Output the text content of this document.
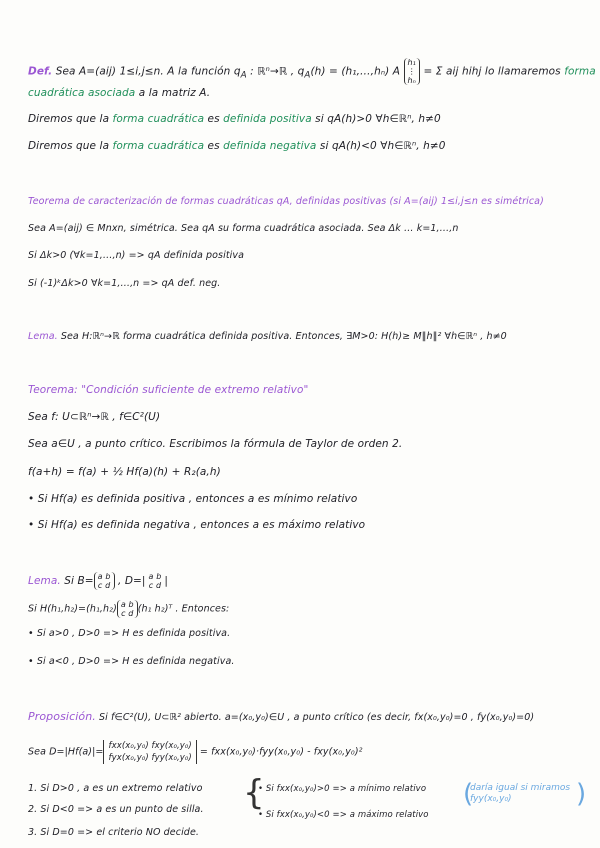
Def. Sea A=(aij) 1≤i,j≤n. A la función $q_A$ : ℝⁿ→ℝ , $q_A(h)$ = (h₁,…,hₙ) A h₁
⋮
hₙ = Σ aij hihj lo llamaremos forma
cuadrática asociada a la matriz A.
Diremos que la forma cuadrática es definida positiva si qA(h)>0 ∀h∈ℝⁿ, h≠0
Diremos que la forma cuadrática es definida negativa si qA(h)<0 ∀h∈ℝⁿ, h≠0
Teorema de caracterización de formas cuadráticas qA, definidas positivas (si A=(aij) 1≤i,j≤n es simétrica)
Sea A=(aij) ∈ Mnxn, simétrica. Sea qA su forma cuadrática asociada. Sea Δk … k=1,…,n
Si Δk>0 (∀k=1,…,n) => qA definida positiva
Si (-1)ᵏΔk>0 ∀k=1,…,n => qA def. neg.
Lema. Sea H:ℝⁿ→ℝ forma cuadrática definida positiva. Entonces, ∃M>0: H(h)≥ M‖h‖² ∀h∈ℝⁿ , h≠0
Teorema: "Condición suficiente de extremo relativo"
Sea f: U⊂ℝⁿ→ℝ , f∈C²(U)
Sea a∈U , a punto crítico. Escribimos la fórmula de Taylor de orden 2.
f(a+h) = f(a) + ½ Hf(a)(h) + R₂(a,h)
• Si Hf(a) es definida positiva , entonces a es mínimo relativo
• Si Hf(a) es definida negativa , entonces a es máximo relativo
Lema. Si B= a b
c d , D=| a b
c d |
Si H(h₁,h₂)=(h₁,h₂) a b
c d (h₁ h₂)ᵀ . Entonces:
• Si a>0 , D>0 => H es definida positiva.
• Si a<0 , D>0 => H es definida negativa.
Proposición. Si f∈C²(U), U⊂ℝ² abierto. a=(x₀,y₀)∈U , a punto crítico (es decir, fx(x₀,y₀)=0 , fy(x₀,y₀)=0)
Sea D=|Hf(a)|=fxx(x₀,y₀) fxy(x₀,y₀)
fyx(x₀,y₀) fyy(x₀,y₀) = fxx(x₀,y₀)·fyy(x₀,y₀) - fxy(x₀,y₀)²
1. Si D>0 , a es un extremo relativo	{
• Si fxx(x₀,y₀)>0 => a mínimo relativo
• Si fxx(x₀,y₀)<0 => a máximo relativo
2. Si D<0 => a es un punto de silla.
3. Si D=0 => el criterio NO decide.
(
daría igual si miramos fyy(x₀,y₀)	)
